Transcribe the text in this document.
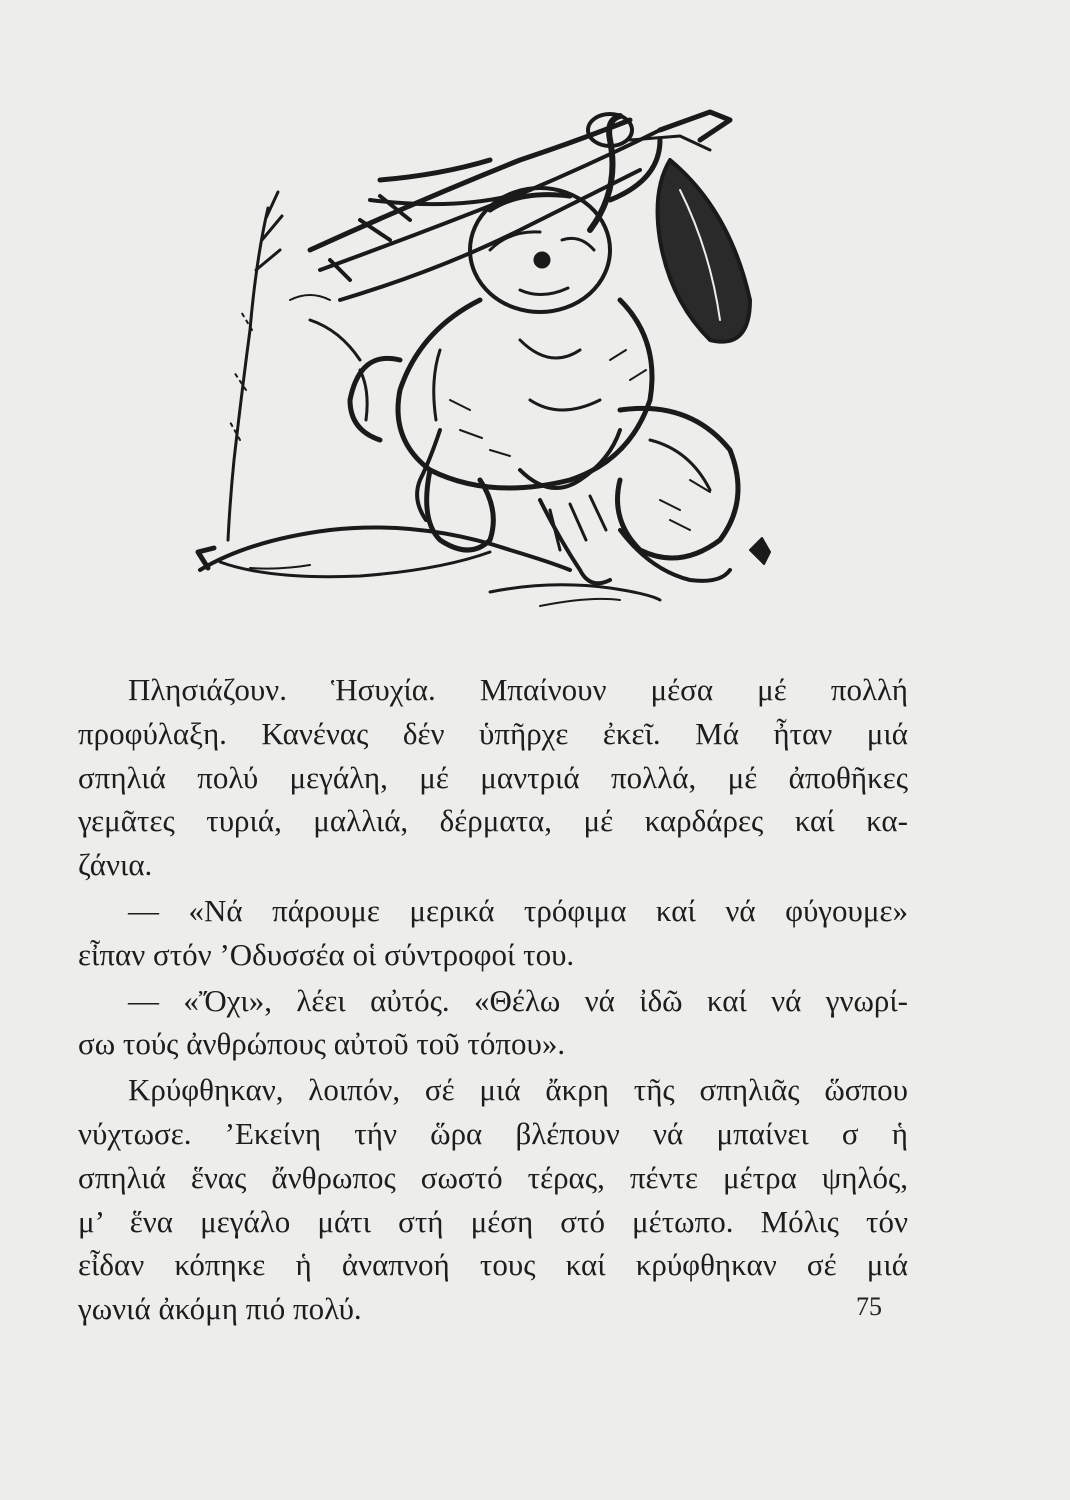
Πλησιάζουν. Ἡσυχία. Μπαίνουν μέσα μέ πολλή
προφύλαξη. Κανένας δέν ὑπῆρχε ἐκεῖ. Μά ἦταν μιά
σπηλιά πολύ μεγάλη, μέ μαντριά πολλά, μέ ἀποθῆκες
γεμᾶτες τυριά, μαλλιά, δέρματα, μέ καρδάρες καί κα-
ζάνια.
— «Νά πάρουμε μερικά τρόφιμα καί νά φύγουμε»
εἶπαν στόν ’Οδυσσέα οἱ σύντροφοί του.
— «Ὄχι», λέει αὐτός. «Θέλω νά ἰδῶ καί νά γνωρί-
σω τούς ἀνθρώπους αὐτοῦ τοῦ τόπου».
Κρύφθηκαν, λοιπόν, σέ μιά ἄκρη τῆς σπηλιᾶς ὥσπου
νύχτωσε. ’Εκείνη τήν ὥρα βλέπουν νά μπαίνει σ ἡ
σπηλιά ἕνας ἄνθρωπος σωστό τέρας, πέντε μέτρα ψηλός,
μ’ ἕνα μεγάλο μάτι στή μέση στό μέτωπο. Μόλις τόν
εἶδαν κόπηκε ἡ ἀναπνοή τους καί κρύφθηκαν σέ μιά
γωνιά ἀκόμη πιό πολύ.	75
